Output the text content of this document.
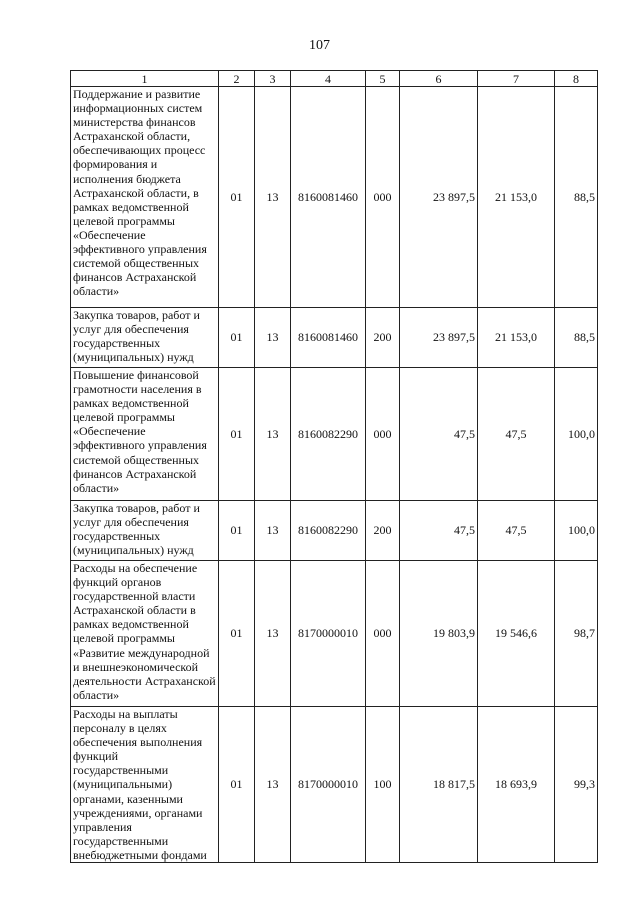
107
1	2	3	4	5	6	7	8
Поддержание и развитие информационных систем министерства финансов Астраханской области, обеспечивающих процесс формирования и исполнения бюджета Астраханской области, в рамках ведомственной целевой программы «Обеспечение эффективного управления системой общественных финансов Астраханской области»	01	13	8160081460	000	23 897,5	21 153,0	88,5
Закупка товаров, работ и услуг для обеспечения государственных (муниципальных) нужд	01	13	8160081460	200	23 897,5	21 153,0	88,5
Повышение финансовой грамотности населения в рамках ведомственной целевой программы «Обеспечение эффективного управления системой общественных финансов Астраханской области»	01	13	8160082290	000	47,5	47,5	100,0
Закупка товаров, работ и услуг для обеспечения государственных (муниципальных) нужд	01	13	8160082290	200	47,5	47,5	100,0
Расходы на обеспечение функций органов государственной власти Астраханской области в рамках ведомственной целевой программы «Развитие международной и внешнеэкономической деятельности Астраханской области»	01	13	8170000010	000	19 803,9	19 546,6	98,7
Расходы на выплаты персоналу в целях обеспечения выполнения функций государственными (муниципальными) органами, казенными учреждениями, органами управления государственными внебюджетными фондами	01	13	8170000010	100	18 817,5	18 693,9	99,3
